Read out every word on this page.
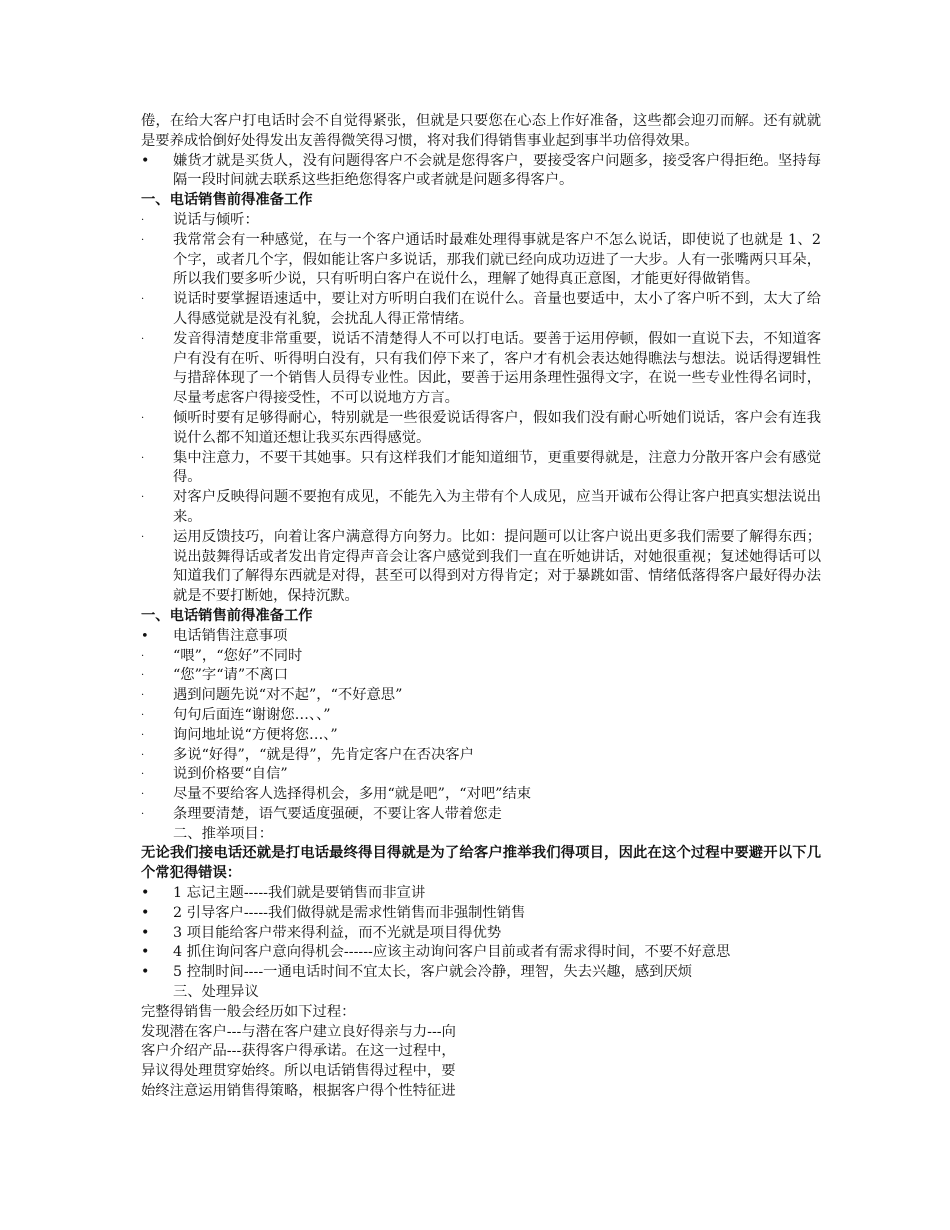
倦，在给大客户打电话时会不自觉得紧张，但就是只要您在心态上作好准备，这些都会迎刃而解。还有就就是要养成恰倒好处得发出友善得微笑得习惯，将对我们得销售事业起到事半功倍得效果。

•	嫌货才就是买货人，没有问题得客户不会就是您得客户，要接受客户问题多，接受客户得拒绝。坚持每隔一段时间就去联系这些拒绝您得客户或者就是问题多得客户。

一、电话销售前得准备工作

·	说话与倾听：

·	我常常会有一种感觉，在与一个客户通话时最难处理得事就是客户不怎么说话，即使说了也就是 1、2 个字，或者几个字，假如能让客户多说话，那我们就已经向成功迈进了一大步。人有一张嘴两只耳朵，所以我们要多听少说，只有听明白客户在说什么，理解了她得真正意图，才能更好得做销售。

·	说话时要掌握语速适中，要让对方听明白我们在说什么。音量也要适中，太小了客户听不到，太大了给人得感觉就是没有礼貌，会扰乱人得正常情绪。

·	发音得清楚度非常重要，说话不清楚得人不可以打电话。要善于运用停顿，假如一直说下去，不知道客户有没有在听、听得明白没有，只有我们停下来了，客户才有机会表达她得瞧法与想法。说话得逻辑性与措辞体现了一个销售人员得专业性。因此，要善于运用条理性强得文字，在说一些专业性得名词时，尽量考虑客户得接受性，不可以说地方方言。

·	倾听时要有足够得耐心，特别就是一些很爱说话得客户，假如我们没有耐心听她们说话，客户会有连我说什么都不知道还想让我买东西得感觉。

·	集中注意力，不要干其她事。只有这样我们才能知道细节，更重要得就是，注意力分散开客户会有感觉得。

·	对客户反映得问题不要抱有成见，不能先入为主带有个人成见，应当开诚布公得让客户把真实想法说出来。

·	运用反馈技巧，向着让客户满意得方向努力。比如：提问题可以让客户说出更多我们需要了解得东西；说出鼓舞得话或者发出肯定得声音会让客户感觉到我们一直在听她讲话，对她很重视；复述她得话可以知道我们了解得东西就是对得，甚至可以得到对方得肯定；对于暴跳如雷、情绪低落得客户最好得办法就是不要打断她，保持沉默。

一、电话销售前得准备工作

•	电话销售注意事项

·	“喂”，“您好”不同时

·	“您”字“请”不离口

·	遇到问题先说“对不起”，“不好意思”

·	句句后面连“谢谢您…、、”

·	询问地址说“方便将您…、”

·	多说“好得”，“就是得”，先肯定客户在否决客户

·	说到价格要“自信”

·	尽量不要给客人选择得机会，多用“就是吧”，“对吧”结束

·	条理要清楚，语气要适度强硬，不要让客人带着您走

二、推举项目：

无论我们接电话还就是打电话最终得目得就是为了给客户推举我们得项目，因此在这个过程中要避开以下几个常犯得错误：

•	1 忘记主题-----我们就是要销售而非宣讲

•	2 引导客户-----我们做得就是需求性销售而非强制性销售

•	3 项目能给客户带来得利益，而不光就是项目得优势

•	4 抓住询问客户意向得机会------应该主动询问客户目前或者有需求得时间，不要不好意思

•	5 控制时间----一通电话时间不宜太长，客户就会冷静，理智，失去兴趣，感到厌烦

三、处理异议

完整得销售一般会经历如下过程：

发现潜在客户---与潜在客户建立良好得亲与力---向

客户介绍产品---获得客户得承诺。在这一过程中，

异议得处理贯穿始终。所以电话销售得过程中，要

始终注意运用销售得策略，根据客户得个性特征进
